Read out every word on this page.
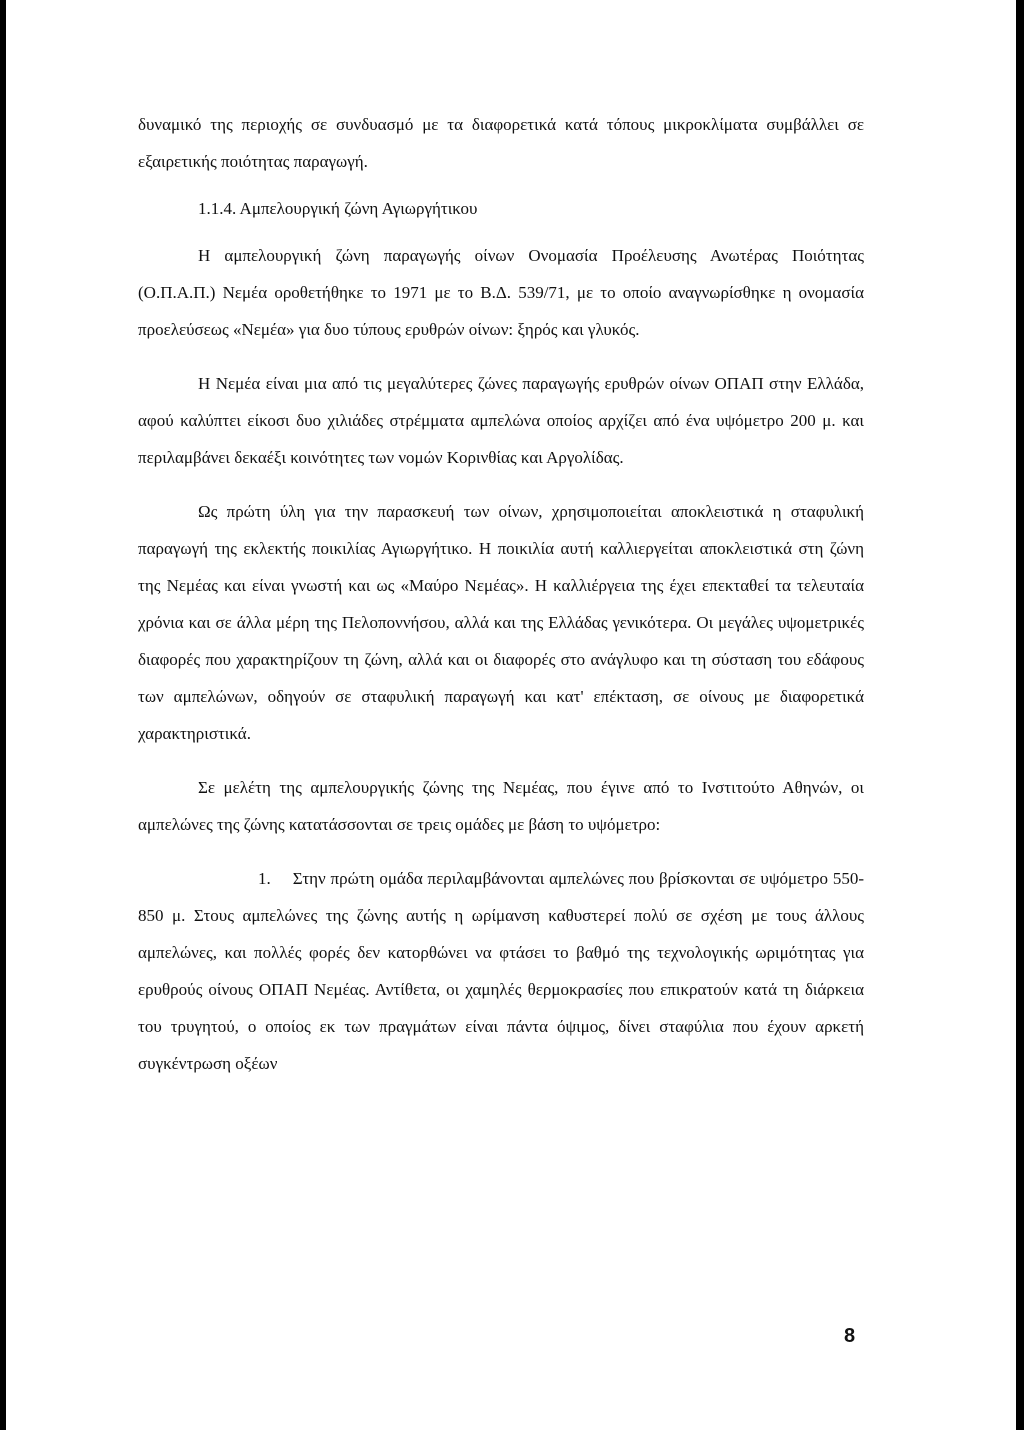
δυναμικό της περιοχής σε συνδυασμό με τα διαφορετικά κατά τόπους μικροκλίματα συμβάλλει σε εξαιρετικής ποιότητας παραγωγή.

1.1.4. Αμπελουργική ζώνη Αγιωργήτικου

Η αμπελουργική ζώνη παραγωγής οίνων Ονομασία Προέλευσης Ανωτέρας Ποιότητας (Ο.Π.Α.Π.) Νεμέα οροθετήθηκε το 1971 με το Β.Δ. 539/71, με το οποίο αναγνωρίσθηκε η ονομασία προελεύσεως «Νεμέα» για δυο τύπους ερυθρών οίνων: ξηρός και γλυκός.

Η Νεμέα είναι μια από τις μεγαλύτερες ζώνες παραγωγής ερυθρών οίνων ΟΠΑΠ στην Ελλάδα, αφού καλύπτει είκοσι δυο χιλιάδες στρέμματα αμπελώνα οποίος αρχίζει από ένα υψόμετρο 200 μ. και περιλαμβάνει δεκαέξι κοινότητες των νομών Κορινθίας και Αργολίδας.

Ως πρώτη ύλη για την παρασκευή των οίνων, χρησιμοποιείται αποκλειστικά η σταφυλική παραγωγή της εκλεκτής ποικιλίας Αγιωργήτικο. Η ποικιλία αυτή καλλιεργείται αποκλειστικά στη ζώνη της Νεμέας και είναι γνωστή και ως «Μαύρο Νεμέας». Η καλλιέργεια της έχει επεκταθεί τα τελευταία χρόνια και σε άλλα μέρη της Πελοποννήσου, αλλά και της Ελλάδας γενικότερα. Οι μεγάλες υψομετρικές διαφορές που χαρακτηρίζουν τη ζώνη, αλλά και οι διαφορές στο ανάγλυφο και τη σύσταση του εδάφους των αμπελώνων, οδηγούν σε σταφυλική παραγωγή και κατ' επέκταση, σε οίνους με διαφορετικά χαρακτηριστικά.

Σε μελέτη της αμπελουργικής ζώνης της Νεμέας, που έγινε από το Ινστιτούτο Αθηνών, οι αμπελώνες της ζώνης κατατάσσονται σε τρεις ομάδες με βάση το υψόμετρο:

1. Στην πρώτη ομάδα περιλαμβάνονται αμπελώνες που βρίσκονται σε υψόμετρο 550-850 μ. Στους αμπελώνες της ζώνης αυτής η ωρίμανση καθυστερεί πολύ σε σχέση με τους άλλους αμπελώνες, και πολλές φορές δεν κατορθώνει να φτάσει το βαθμό της τεχνολογικής ωριμότητας για ερυθρούς οίνους ΟΠΑΠ Νεμέας. Αντίθετα, οι χαμηλές θερμοκρασίες που επικρατούν κατά τη διάρκεια του τρυγητού, ο οποίος εκ των πραγμάτων είναι πάντα όψιμος, δίνει σταφύλια που έχουν αρκετή συγκέντρωση οξέων

8
